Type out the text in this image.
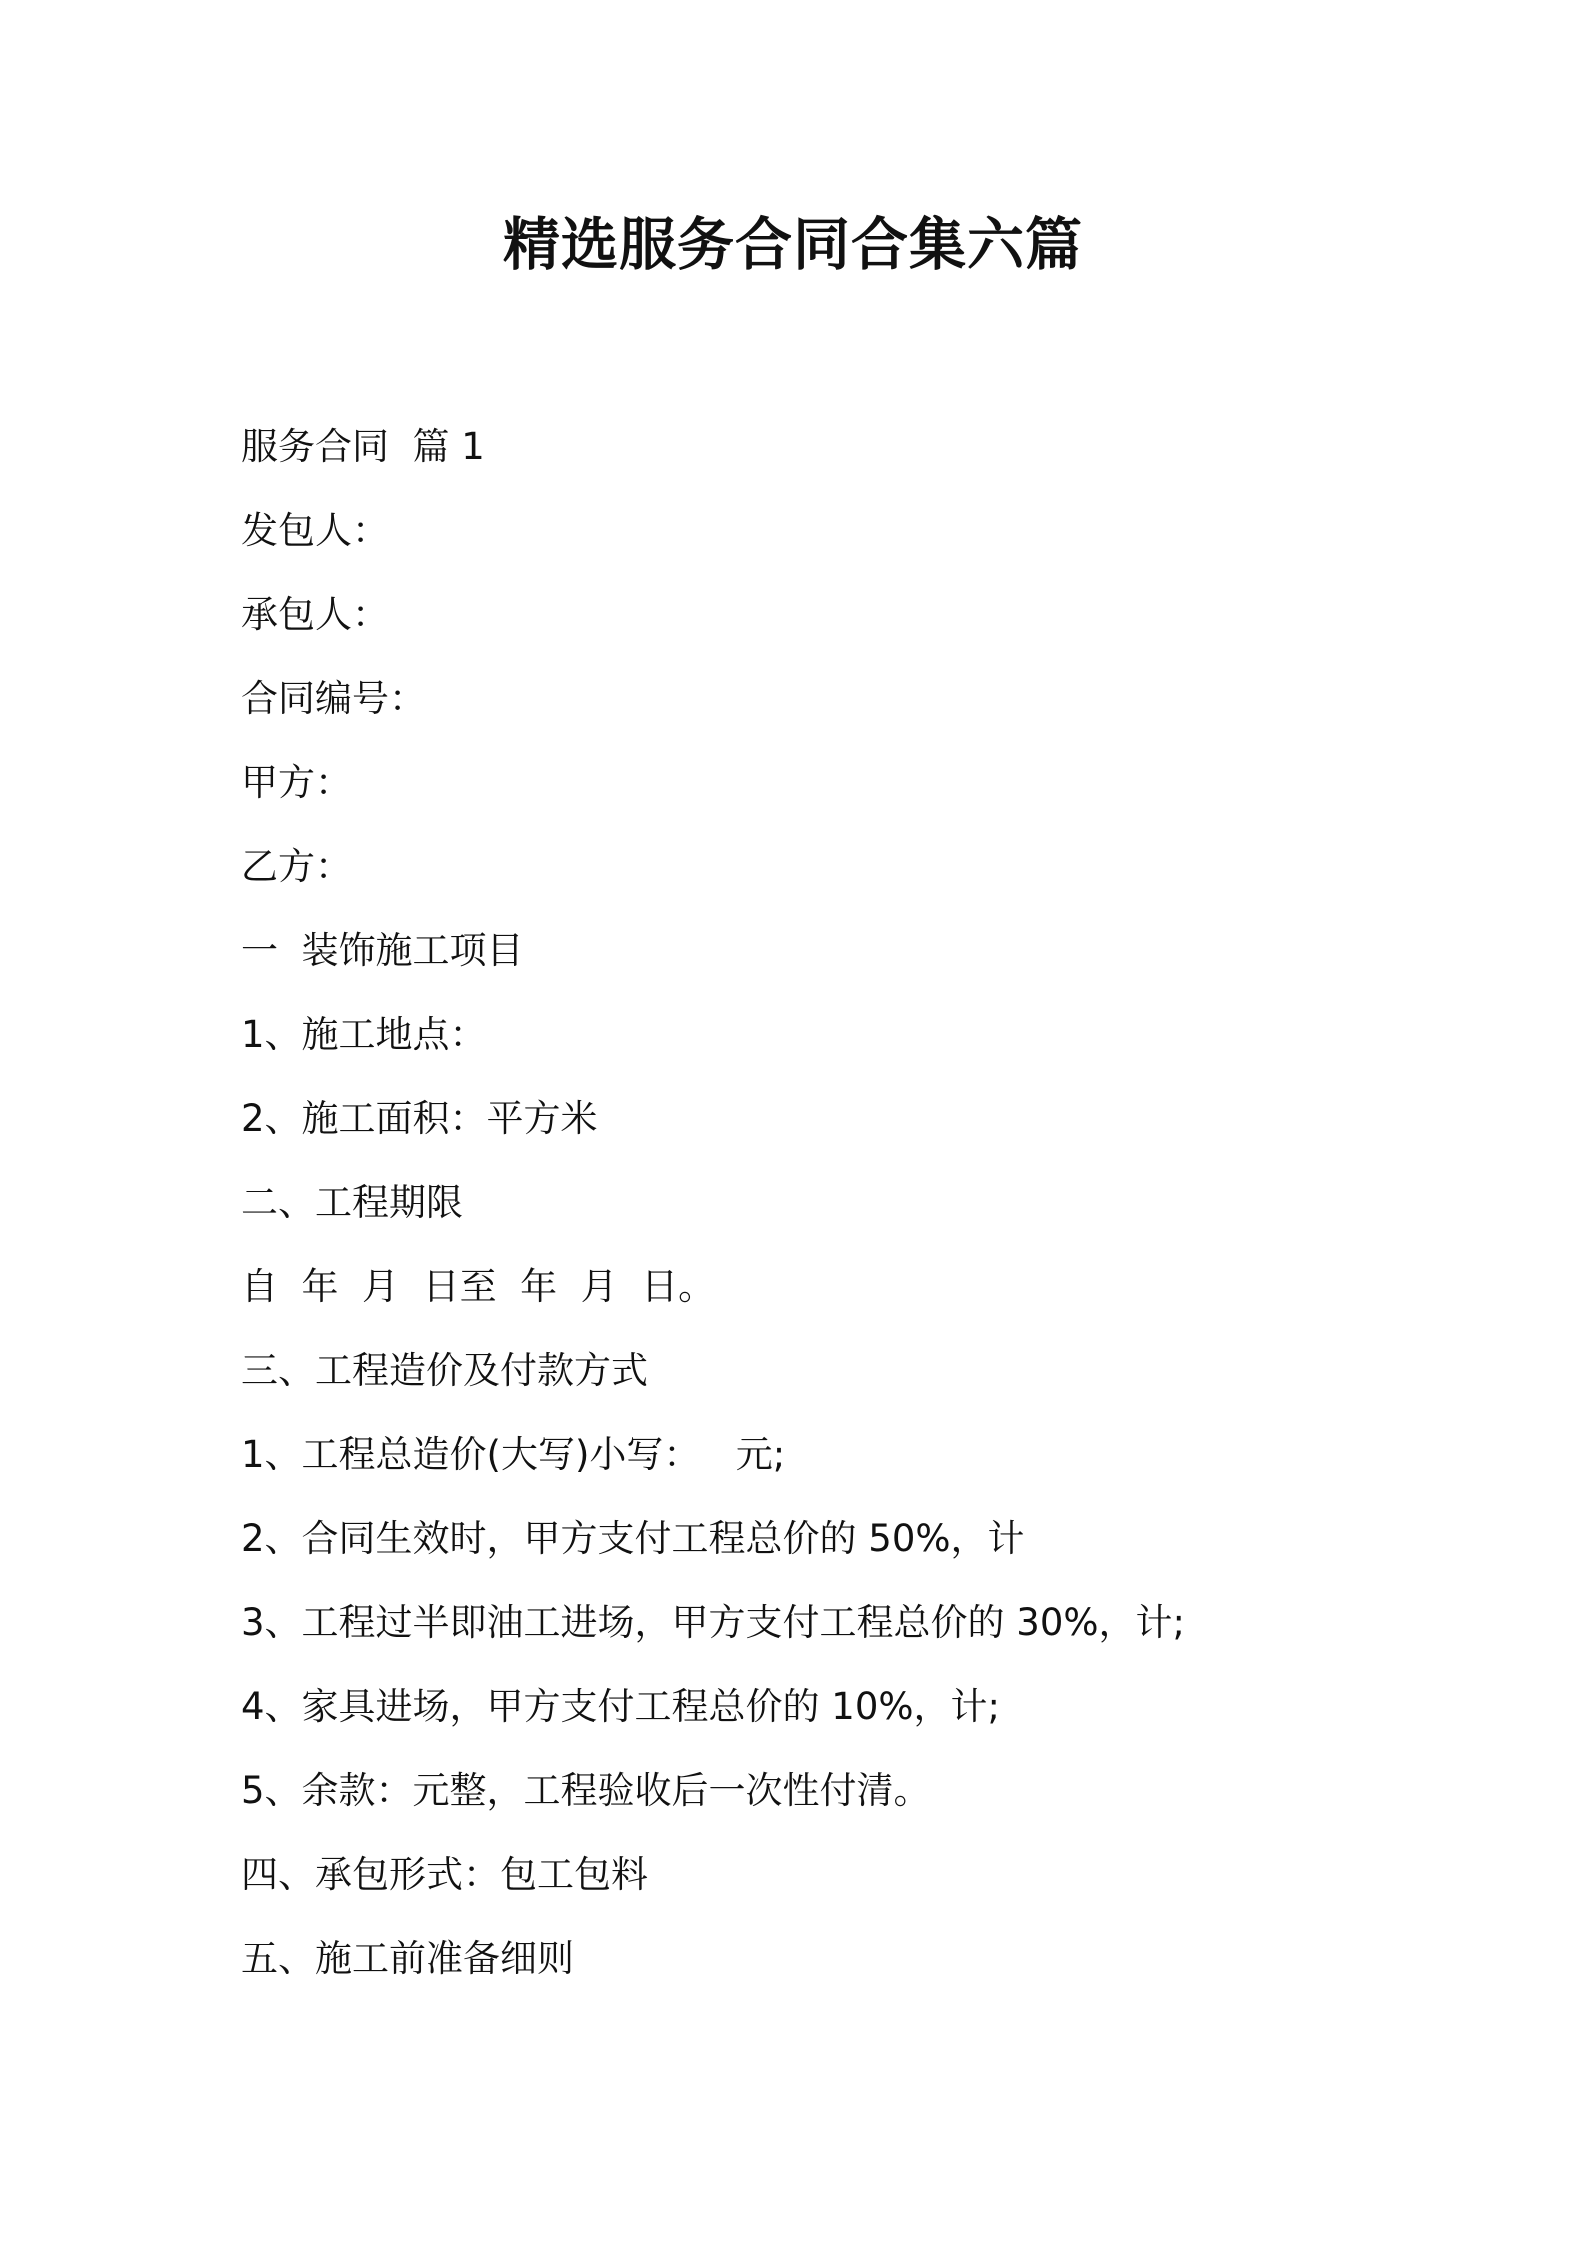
精选服务合同合集六篇

服务合同  篇 1

发包人：

承包人：

合同编号：

甲方：

乙方：

一  装饰施工项目

1、施工地点：

2、施工面积：平方米

二、工程期限

自  年  月  日至  年  月  日。

三、工程造价及付款方式

1、工程总造价(大写)小写：   元;

2、合同生效时，甲方支付工程总价的 50%，计

3、工程过半即油工进场，甲方支付工程总价的 30%，计;

4、家具进场，甲方支付工程总价的 10%，计;

5、余款：元整，工程验收后一次性付清。

四、承包形式：包工包料

五、施工前准备细则
